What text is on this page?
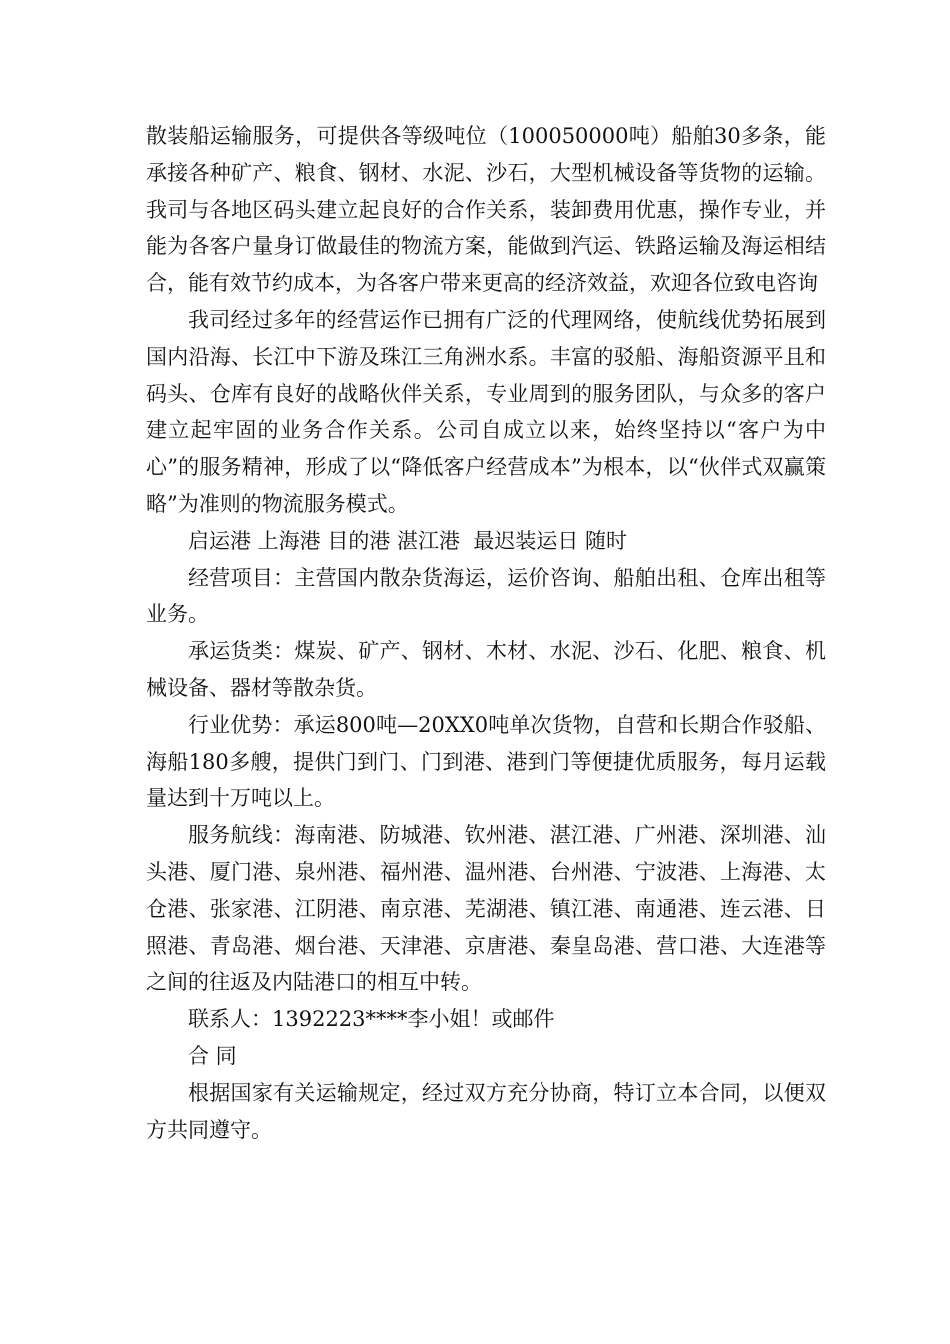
散装船运输服务，可提供各等级吨位（100050000吨）船舶30多条，能承接各种矿产、粮食、钢材、水泥、沙石，大型机械设备等货物的运输。我司与各地区码头建立起良好的合作关系，装卸费用优惠，操作专业，并能为各客户量身订做最佳的物流方案，能做到汽运、铁路运输及海运相结合，能有效节约成本，为各客户带来更高的经济效益，欢迎各位致电咨询

我司经过多年的经营运作已拥有广泛的代理网络，使航线优势拓展到国内沿海、长江中下游及珠江三角洲水系。丰富的驳船、海船资源平且和码头、仓库有良好的战略伙伴关系，专业周到的服务团队，与众多的客户建立起牢固的业务合作关系。公司自成立以来，始终坚持以“客户为中心”的服务精神，形成了以“降低客户经营成本”为根本，以“伙伴式双赢策略”为准则的物流服务模式。

启运港 上海港 目的港 湛江港  最迟装运日 随时

经营项目：主营国内散杂货海运，运价咨询、船舶出租、仓库出租等业务。

承运货类：煤炭、矿产、钢材、木材、水泥、沙石、化肥、粮食、机械设备、器材等散杂货。

行业优势：承运800吨—20XX0吨单次货物，自营和长期合作驳船、海船180多艘，提供门到门、门到港、港到门等便捷优质服务，每月运载量达到十万吨以上。

服务航线：海南港、防城港、钦州港、湛江港、广州港、深圳港、汕头港、厦门港、泉州港、福州港、温州港、台州港、宁波港、上海港、太仓港、张家港、江阴港、南京港、芜湖港、镇江港、南通港、连云港、日照港、青岛港、烟台港、天津港、京唐港、秦皇岛港、营口港、大连港等之间的往返及内陆港口的相互中转。

联系人：1392223****李小姐！或邮件

合 同

根据国家有关运输规定，经过双方充分协商，特订立本合同，以便双方共同遵守。
